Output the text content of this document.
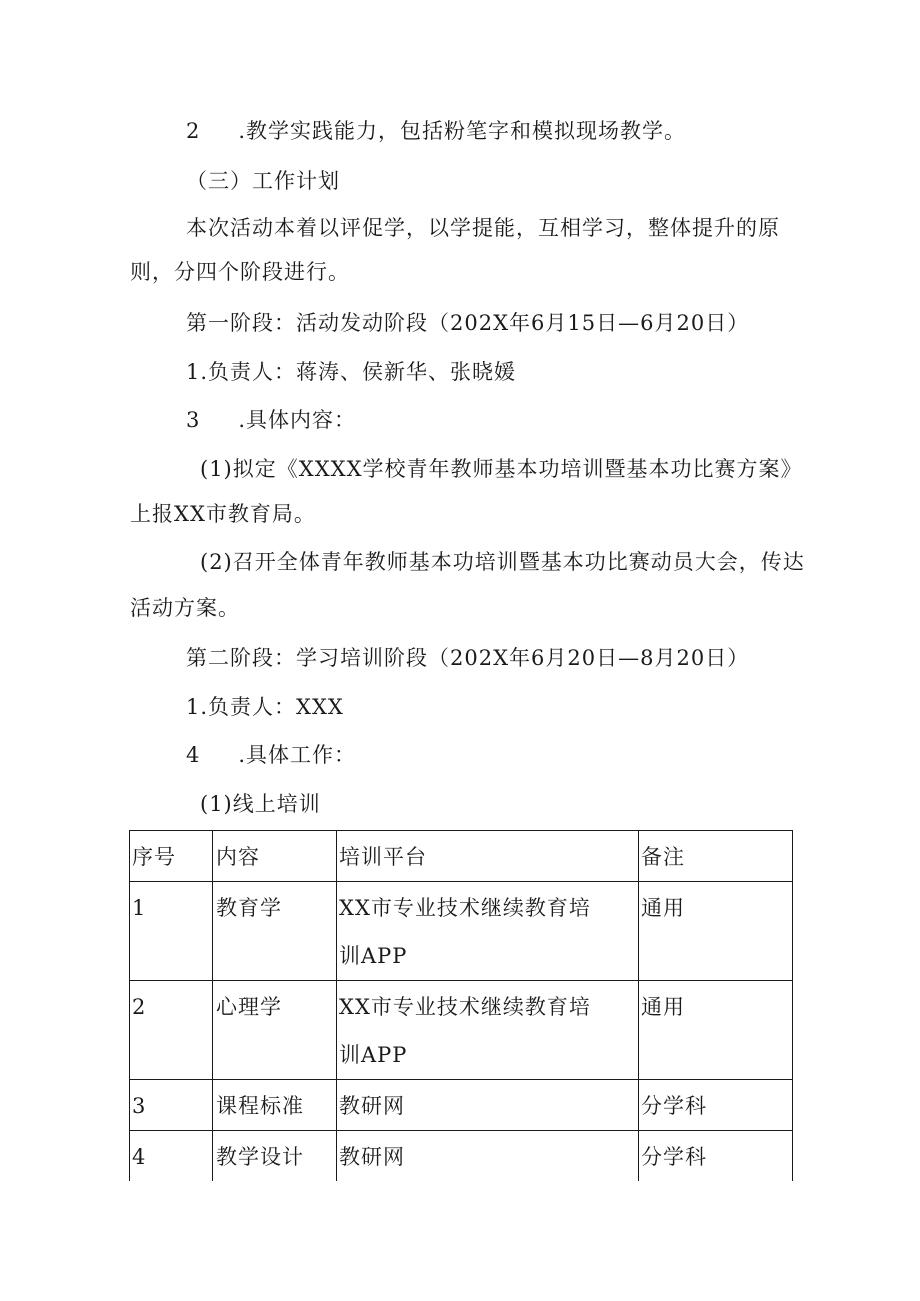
2 .教学实践能力，包括粉笔字和模拟现场教学。
（三）工作计划
本次活动本着以评促学，以学提能，互相学习，整体提升的原
则，分四个阶段进行。
第一阶段：活动发动阶段（202X年6月15日—6月20日）
1.负责人：蒋涛、侯新华、张晓媛
3 .具体内容：
(1)拟定《XXXX学校青年教师基本功培训暨基本功比赛方案》
上报XX市教育局。
(2)召开全体青年教师基本功培训暨基本功比赛动员大会，传达
活动方案。
第二阶段：学习培训阶段（202X年6月20日—8月20日）
1.负责人：XXX
4 .具体工作：
(1)线上培训
序号	内容	培训平台	备注
1	教育学	XX市专业技术继续教育培
训APP	通用
2	心理学	XX市专业技术继续教育培
训APP	通用
3	课程标准	教研网	分学科
4	教学设计	教研网	分学科
